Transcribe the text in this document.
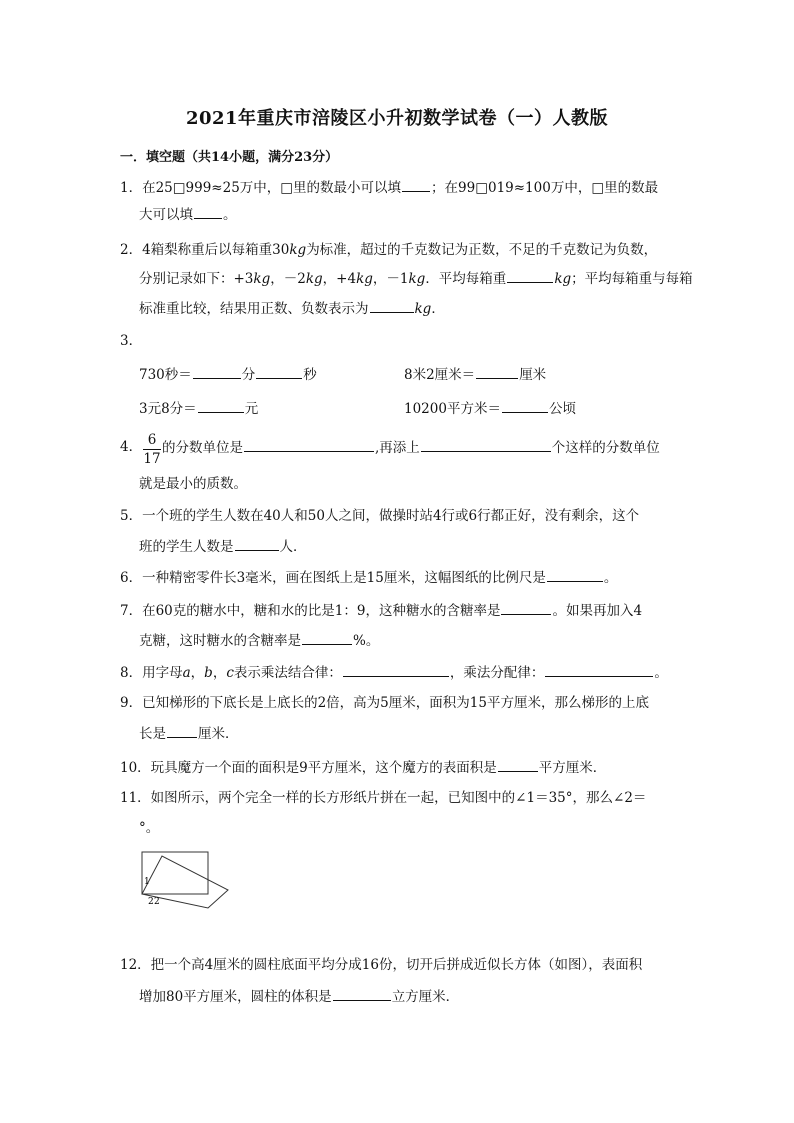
2021年重庆市涪陵区小升初数学试卷（一）人教版
一．填空题（共14小题，满分23分）
1．在25□999≈25万中，□里的数最小可以填 ；在99□019≈100万中，□里的数最
大可以填 。
2．4箱梨称重后以每箱重30kg为标准，超过的千克数记为正数，不足的千克数记为负数，
分别记录如下：+3kg，－2kg，+4kg，－1kg．平均每箱重	kg；平均每箱重与每箱
标准重比较，结果用正数、负数表示为	kg．
3．
730秒＝	分	秒	8米2厘米＝	厘米
3元8分＝	元	10200平方米＝	公顷
4． 6
17
的分数单位是	,再添上	个这样的分数单位
就是最小的质数。
5．一个班的学生人数在40人和50人之间，做操时站4行或6行都正好，没有剩余，这个
班的学生人数是	人．
6．一种精密零件长3毫米，画在图纸上是15厘米，这幅图纸的比例尺是	。
7．在60克的糖水中，糖和水的比是1：9，这种糖水的含糖率是	。如果再加入4
克糖，这时糖水的含糖率是	%。
8．用字母a，b，c表示乘法结合律：	，乘法分配律：	。
9．已知梯形的下底长是上底长的2倍，高为5厘米，面积为15平方厘米，那么梯形的上底
长是 厘米．
10．玩具魔方一个面的面积是9平方厘米，这个魔方的表面积是	平方厘米．
11．如图所示，两个完全一样的长方形纸片拼在一起，已知图中的∠1＝35°，那么∠2＝
°。
1
2 2
12．把一个高4厘米的圆柱底面平均分成16份，切开后拼成近似长方体（如图），表面积
增加80平方厘米，圆柱的体积是	立方厘米．
